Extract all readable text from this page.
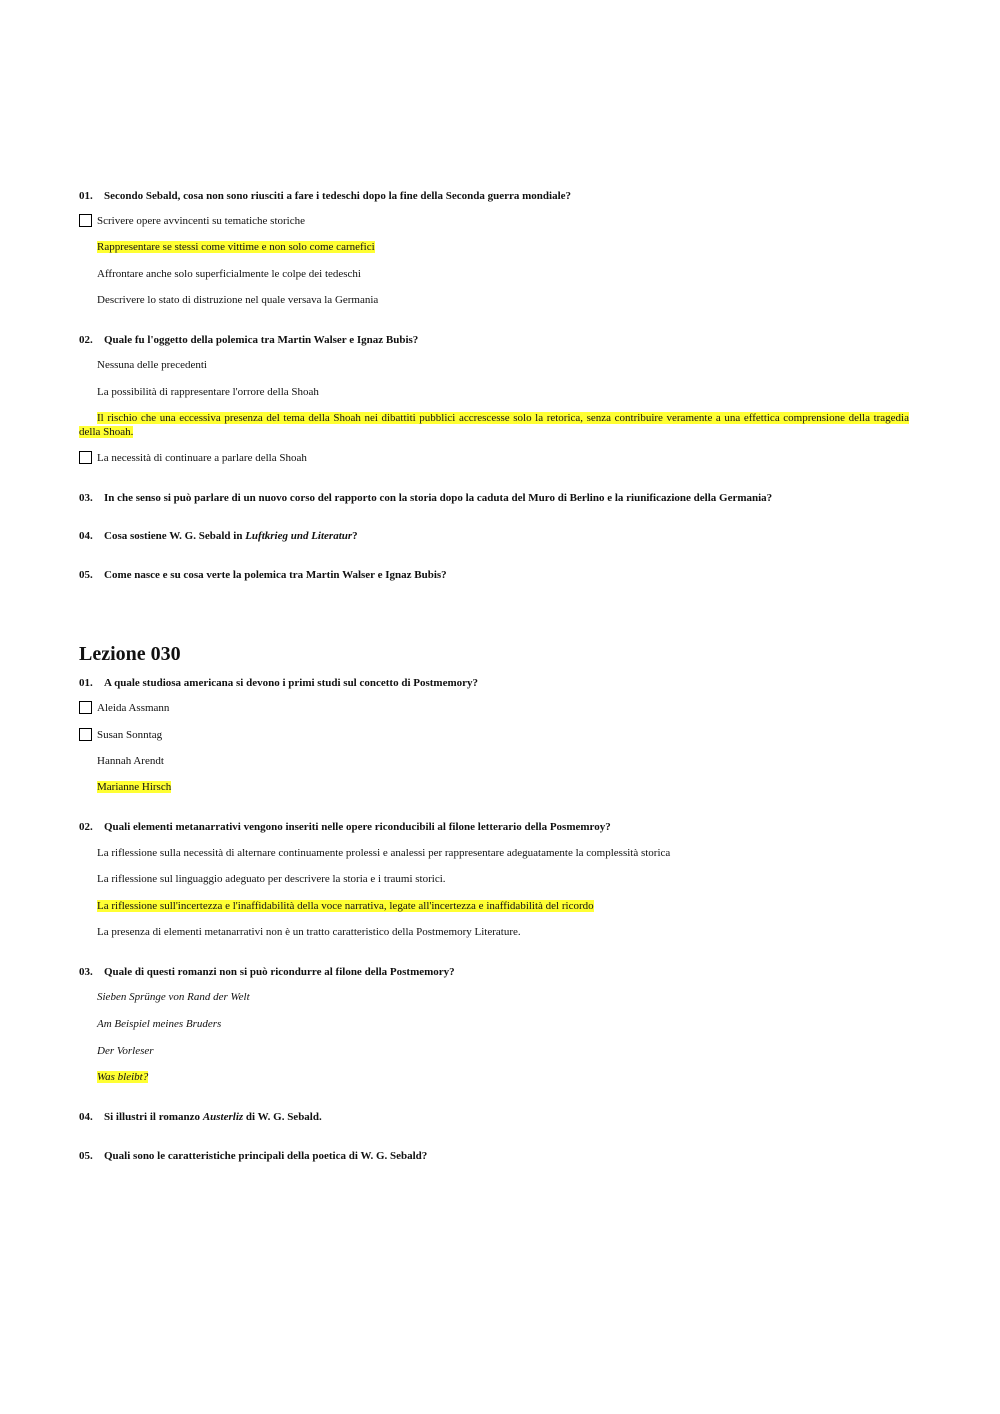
01. Secondo Sebald, cosa non sono riusciti a fare i tedeschi dopo la fine della Seconda guerra mondiale?
Scrivere opere avvincenti su tematiche storiche
Rappresentare se stessi come vittime e non solo come carnefici
Affrontare anche solo superficialmente le colpe dei tedeschi
Descrivere lo stato di distruzione nel quale versava la Germania
02. Quale fu l'oggetto della polemica tra Martin Walser e Ignaz Bubis?
Nessuna delle precedenti
La possibilità di rappresentare l'orrore della Shoah
Il rischio che una eccessiva presenza del tema della Shoah nei dibattiti pubblici accrescesse solo la retorica, senza contribuire veramente a una effettica comprensione della tragedia della Shoah.
La necessità di continuare a parlare della Shoah
03. In che senso si può parlare di un nuovo corso del rapporto con la storia dopo la caduta del Muro di Berlino e la riunificazione della Germania?
04. Cosa sostiene W. G. Sebald in Luftkrieg und Literatur?
05. Come nasce e su cosa verte la polemica tra Martin Walser e Ignaz Bubis?
Lezione 030
01. A quale studiosa americana si devono i primi studi sul concetto di Postmemory?
Aleida Assmann
Susan Sonntag
Hannah Arendt
Marianne Hirsch
02. Quali elementi metanarrativi vengono inseriti nelle opere riconducibili al filone letterario della Posmemroy?
La riflessione sulla necessità di alternare continuamente prolessi e analessi per rappresentare adeguatamente la complessità storica
La riflessione sul linguaggio adeguato per descrivere la storia e i traumi storici.
La riflessione sull'incertezza e l'inaffidabilità della voce narrativa, legate all'incertezza e inaffidabilità del ricordo
La presenza di elementi metanarrativi non è un tratto caratteristico della Postmemory Literature.
03. Quale di questi romanzi non si può ricondurre al filone della Postmemory?
Sieben Sprünge von Rand der Welt
Am Beispiel meines Bruders
Der Vorleser
Was bleibt?
04. Si illustri il romanzo Austerliz di W. G. Sebald.
05. Quali sono le caratteristiche principali della poetica di W. G. Sebald?
